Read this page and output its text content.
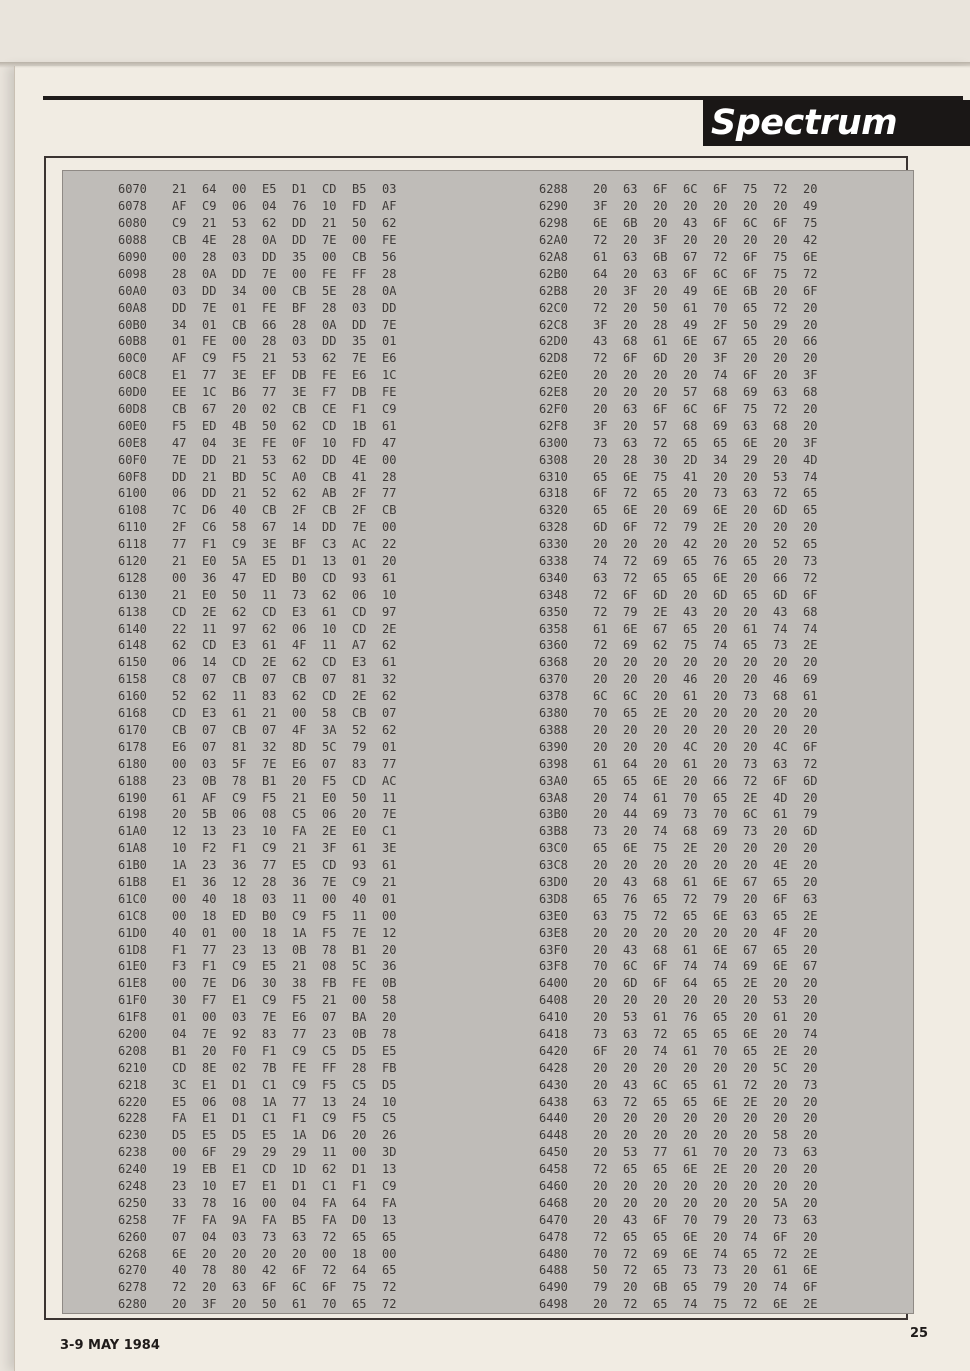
Spectrum
6070	21	64	00	E5	D1	CD	B5	03
6078	AF	C9	06	04	76	10	FD	AF
6080	C9	21	53	62	DD	21	50	62
6088	CB	4E	28	0A	DD	7E	00	FE
6090	00	28	03	DD	35	00	CB	56
6098	28	0A	DD	7E	00	FE	FF	28
60A0	03	DD	34	00	CB	5E	28	0A
60A8	DD	7E	01	FE	BF	28	03	DD
60B0	34	01	CB	66	28	0A	DD	7E
60B8	01	FE	00	28	03	DD	35	01
60C0	AF	C9	F5	21	53	62	7E	E6
60C8	E1	77	3E	EF	DB	FE	E6	1C
60D0	EE	1C	B6	77	3E	F7	DB	FE
60D8	CB	67	20	02	CB	CE	F1	C9
60E0	F5	ED	4B	50	62	CD	1B	61
60E8	47	04	3E	FE	0F	10	FD	47
60F0	7E	DD	21	53	62	DD	4E	00
60F8	DD	21	BD	5C	A0	CB	41	28
6100	06	DD	21	52	62	AB	2F	77
6108	7C	D6	40	CB	2F	CB	2F	CB
6110	2F	C6	58	67	14	DD	7E	00
6118	77	F1	C9	3E	BF	C3	AC	22
6120	21	E0	5A	E5	D1	13	01	20
6128	00	36	47	ED	B0	CD	93	61
6130	21	E0	50	11	73	62	06	10
6138	CD	2E	62	CD	E3	61	CD	97
6140	22	11	97	62	06	10	CD	2E
6148	62	CD	E3	61	4F	11	A7	62
6150	06	14	CD	2E	62	CD	E3	61
6158	C8	07	CB	07	CB	07	81	32
6160	52	62	11	83	62	CD	2E	62
6168	CD	E3	61	21	00	58	CB	07
6170	CB	07	CB	07	4F	3A	52	62
6178	E6	07	81	32	8D	5C	79	01
6180	00	03	5F	7E	E6	07	83	77
6188	23	0B	78	B1	20	F5	CD	AC
6190	61	AF	C9	F5	21	E0	50	11
6198	20	5B	06	08	C5	06	20	7E
61A0	12	13	23	10	FA	2E	E0	C1
61A8	10	F2	F1	C9	21	3F	61	3E
61B0	1A	23	36	77	E5	CD	93	61
61B8	E1	36	12	28	36	7E	C9	21
61C0	00	40	18	03	11	00	40	01
61C8	00	18	ED	B0	C9	F5	11	00
61D0	40	01	00	18	1A	F5	7E	12
61D8	F1	77	23	13	0B	78	B1	20
61E0	F3	F1	C9	E5	21	08	5C	36
61E8	00	7E	D6	30	38	FB	FE	0B
61F0	30	F7	E1	C9	F5	21	00	58
61F8	01	00	03	7E	E6	07	BA	20
6200	04	7E	92	83	77	23	0B	78
6208	B1	20	F0	F1	C9	C5	D5	E5
6210	CD	8E	02	7B	FE	FF	28	FB
6218	3C	E1	D1	C1	C9	F5	C5	D5
6220	E5	06	08	1A	77	13	24	10
6228	FA	E1	D1	C1	F1	C9	F5	C5
6230	D5	E5	D5	E5	1A	D6	20	26
6238	00	6F	29	29	29	11	00	3D
6240	19	EB	E1	CD	1D	62	D1	13
6248	23	10	E7	E1	D1	C1	F1	C9
6250	33	78	16	00	04	FA	64	FA
6258	7F	FA	9A	FA	B5	FA	D0	13
6260	07	04	03	73	63	72	65	65
6268	6E	20	20	20	20	00	18	00
6270	40	78	80	42	6F	72	64	65
6278	72	20	63	6F	6C	6F	75	72
6280	20	3F	20	50	61	70	65	72
6288	20	63	6F	6C	6F	75	72	20
6290	3F	20	20	20	20	20	20	49
6298	6E	6B	20	43	6F	6C	6F	75
62A0	72	20	3F	20	20	20	20	42
62A8	61	63	6B	67	72	6F	75	6E
62B0	64	20	63	6F	6C	6F	75	72
62B8	20	3F	20	49	6E	6B	20	6F
62C0	72	20	50	61	70	65	72	20
62C8	3F	20	28	49	2F	50	29	20
62D0	43	68	61	6E	67	65	20	66
62D8	72	6F	6D	20	3F	20	20	20
62E0	20	20	20	20	74	6F	20	3F
62E8	20	20	20	57	68	69	63	68
62F0	20	63	6F	6C	6F	75	72	20
62F8	3F	20	57	68	69	63	68	20
6300	73	63	72	65	65	6E	20	3F
6308	20	28	30	2D	34	29	20	4D
6310	65	6E	75	41	20	20	53	74
6318	6F	72	65	20	73	63	72	65
6320	65	6E	20	69	6E	20	6D	65
6328	6D	6F	72	79	2E	20	20	20
6330	20	20	20	42	20	20	52	65
6338	74	72	69	65	76	65	20	73
6340	63	72	65	65	6E	20	66	72
6348	72	6F	6D	20	6D	65	6D	6F
6350	72	79	2E	43	20	20	43	68
6358	61	6E	67	65	20	61	74	74
6360	72	69	62	75	74	65	73	2E
6368	20	20	20	20	20	20	20	20
6370	20	20	20	46	20	20	46	69
6378	6C	6C	20	61	20	73	68	61
6380	70	65	2E	20	20	20	20	20
6388	20	20	20	20	20	20	20	20
6390	20	20	20	4C	20	20	4C	6F
6398	61	64	20	61	20	73	63	72
63A0	65	65	6E	20	66	72	6F	6D
63A8	20	74	61	70	65	2E	4D	20
63B0	20	44	69	73	70	6C	61	79
63B8	73	20	74	68	69	73	20	6D
63C0	65	6E	75	2E	20	20	20	20
63C8	20	20	20	20	20	20	4E	20
63D0	20	43	68	61	6E	67	65	20
63D8	65	76	65	72	79	20	6F	63
63E0	63	75	72	65	6E	63	65	2E
63E8	20	20	20	20	20	20	4F	20
63F0	20	43	68	61	6E	67	65	20
63F8	70	6C	6F	74	74	69	6E	67
6400	20	6D	6F	64	65	2E	20	20
6408	20	20	20	20	20	20	53	20
6410	20	53	61	76	65	20	61	20
6418	73	63	72	65	65	6E	20	74
6420	6F	20	74	61	70	65	2E	20
6428	20	20	20	20	20	20	5C	20
6430	20	43	6C	65	61	72	20	73
6438	63	72	65	65	6E	2E	20	20
6440	20	20	20	20	20	20	20	20
6448	20	20	20	20	20	20	58	20
6450	20	53	77	61	70	20	73	63
6458	72	65	65	6E	2E	20	20	20
6460	20	20	20	20	20	20	20	20
6468	20	20	20	20	20	20	5A	20
6470	20	43	6F	70	79	20	73	63
6478	72	65	65	6E	20	74	6F	20
6480	70	72	69	6E	74	65	72	2E
6488	50	72	65	73	73	20	61	6E
6490	79	20	6B	65	79	20	74	6F
6498	20	72	65	74	75	72	6E	2E
3-9 MAY 1984
25
